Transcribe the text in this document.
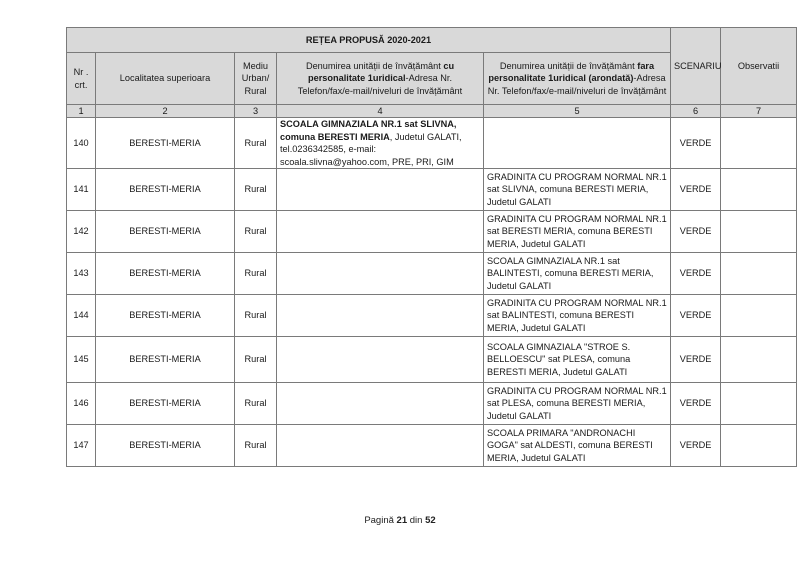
REȚEA PROPUSĂ 2020-2021					SCENARIU	Observatii
Nr . crt.	Localitatea superioara	Mediu Urban/ Rural	Denumirea unității de învățământ cu personalitate 1uridical-Adresa Nr. Telefon/fax/e-mail/niveluri de învățământ	Denumirea unității de învățământ fara personalitate 1uridical (arondată)-Adresa Nr. Telefon/fax/e-mail/niveluri de învățământ		
1	2	3	4	5	6	7
140	BERESTI-MERIA	Rural	SCOALA GIMNAZIALA NR.1 sat SLIVNA, comuna BERESTI MERIA, Judetul GALATI, tel.0236342585, e-mail: scoala.slivna@yahoo.com, PRE, PRI, GIM		VERDE	
141	BERESTI-MERIA	Rural		GRADINITA CU PROGRAM NORMAL NR.1 sat SLIVNA, comuna BERESTI MERIA, Judetul GALATI	VERDE	
142	BERESTI-MERIA	Rural		GRADINITA CU PROGRAM NORMAL NR.1 sat BERESTI MERIA, comuna BERESTI MERIA, Judetul GALATI	VERDE	
143	BERESTI-MERIA	Rural		SCOALA GIMNAZIALA NR.1 sat BALINTESTI, comuna BERESTI MERIA, Judetul GALATI	VERDE	
144	BERESTI-MERIA	Rural		GRADINITA CU PROGRAM NORMAL NR.1 sat BALINTESTI, comuna BERESTI MERIA, Judetul GALATI	VERDE	
145	BERESTI-MERIA	Rural		SCOALA GIMNAZIALA "STROE S. BELLOESCU" sat PLESA, comuna BERESTI MERIA, Judetul GALATI	VERDE	
146	BERESTI-MERIA	Rural		GRADINITA CU PROGRAM NORMAL NR.1 sat PLESA, comuna BERESTI MERIA, Judetul GALATI	VERDE	
147	BERESTI-MERIA	Rural		SCOALA PRIMARA "ANDRONACHI GOGA" sat ALDESTI, comuna BERESTI MERIA, Judetul GALATI	VERDE	
Pagină 21 din 52
